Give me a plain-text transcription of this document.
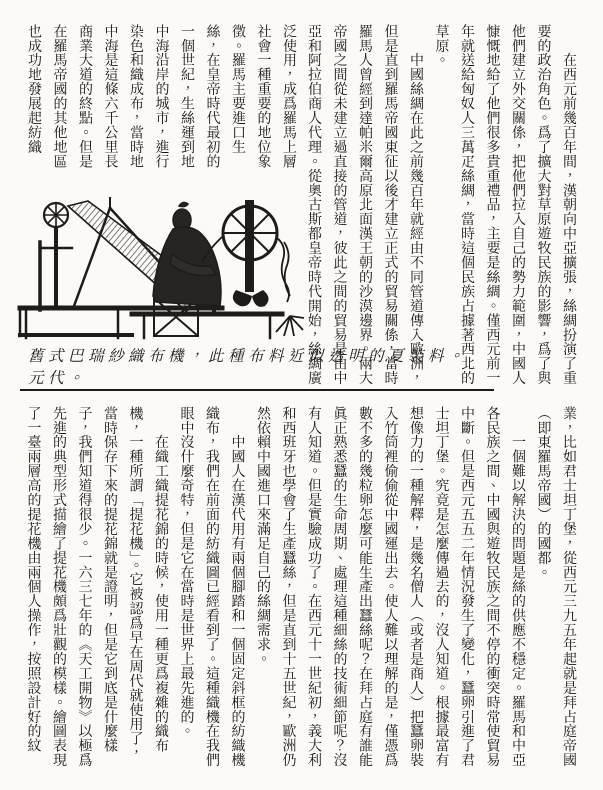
　　在西元前幾百年間，漢朝向中亞擴張，絲綢扮演了重
要的政治角色。爲了擴大對草原遊牧民族的影響，爲了與
他們建立外交關係，把他們拉入自己的勢力範圍，中國人
慷慨地給了他們很多貴重禮品，主要是絲綢。僅西元前一
年就送給匈奴人三萬疋絲綢，當時這個民族占據著西北的
草原。
　　中國絲綢在此之前幾百年就經由不同管道傳入歐洲，
但是直到羅馬帝國東征以後才建立正式的貿易關係，當時
羅馬人曾經到達帕米爾高原北面漢王朝的沙漠邊界。兩大
帝國之間從未建立過直接的管道，彼此之間的貿易是由中
亞和阿拉伯商人代理。從奧古斯都皇帝時代開始，絲綢廣
泛使用，成爲羅馬上層
社會一種重要的地位象
徵。羅馬主要進口生
絲，在皇帝時代最初的
一個世紀，生絲運到地
中海沿岸的城市，進行
染色和織成布，當時地
中海是這條六千公里長
商業大道的終點。但是
在羅馬帝國的其他地區
也成功地發展起紡織
舊式巴瑞紗織布機，此種布料近似透明的夏裝料。
元代。
業，比如君士坦丁堡，從西元三九五年起就是拜占庭帝國
（即東羅馬帝國）的國都。
　　一個難以解決的問題是絲的供應不穩定。羅馬和中亞
各民族之間、中國與遊牧民族之間不停的衝突時常使貿易
中斷。但是西元五五二年情況發生了變化，蠶卵引進了君
士坦丁堡。究竟是怎麼傳過去的，沒人知道。根據最富有
想像力的一種解釋，是幾名僧人（或者是商人）把蠶卵裝
入竹筒裡偷偷從中國運出去。使人難以理解的是，僅憑爲
數不多的幾粒卵怎麼可能生產出蠶絲呢？在拜占庭有誰能
眞正熟悉蠶的生命周期、處理這種細絲的技術細節呢？沒
有人知道。但是實驗成功了。在西元十一世紀初，義大利
和西班牙也學會了生產蠶絲，但是直到十五世紀，歐洲仍
然依賴中國進口來滿足自己的絲綢需求。
　　中國人在漢代用有兩個腳踏和一個固定斜框的紡織機
織布，我們在前面的紡織圖已經看到了。這種織機在我們
眼中沒什麼奇特，但是它在當時是世界上最先進的。
　　在織工織提花錦的時候，使用一種更爲複雜的織布
機，一種所謂「提花機」。它被認爲早在周代就使用了，
當時保存下來的提花錦就是證明，但是它到底是什麼樣
子，我們知道得很少。一六三七年的《天工開物》以極爲
先進的典型形式描繪了提花機頗爲壯觀的模樣。繪圖表現
了一臺兩層高的提花機由兩個人操作，按照設計好的紋
